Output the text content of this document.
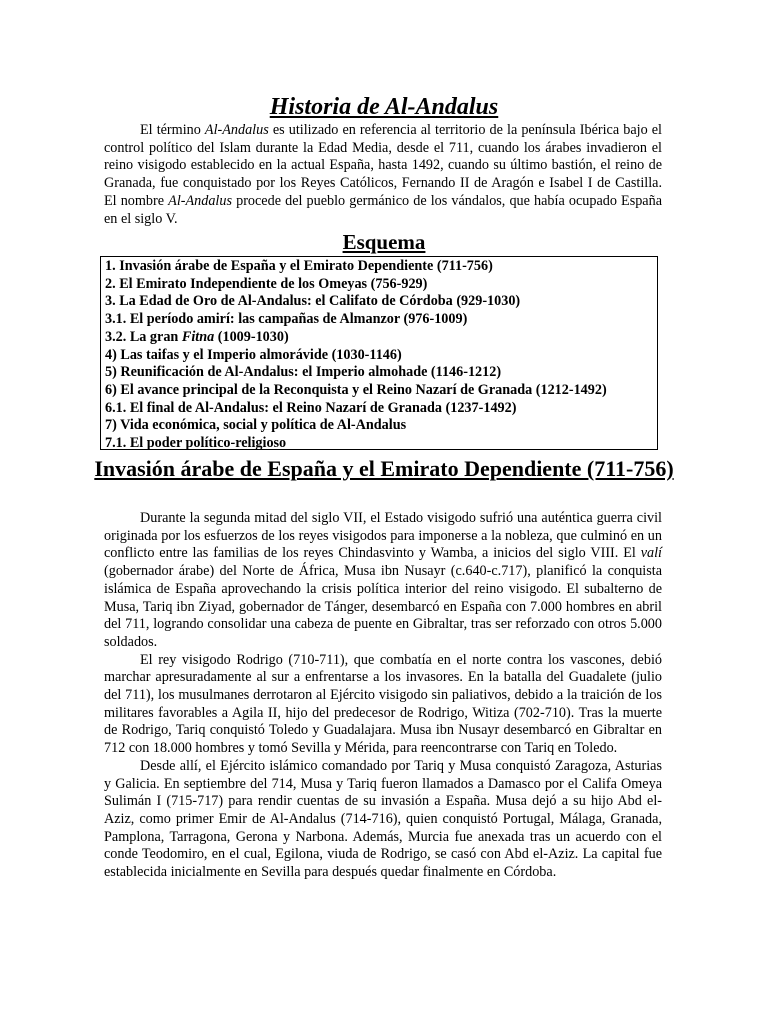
Historia de Al-Andalus
El término Al-Andalus es utilizado en referencia al territorio de la península Ibérica bajo el control político del Islam durante la Edad Media, desde el 711, cuando los árabes invadieron el reino visigodo establecido en la actual España, hasta 1492, cuando su último bastión, el reino de Granada, fue conquistado por los Reyes Católicos, Fernando II de Aragón e Isabel I de Castilla. El nombre Al-Andalus procede del pueblo germánico de los vándalos, que había ocupado España en el siglo V.
Esquema
1. Invasión árabe de España y el Emirato Dependiente (711-756)
2. El Emirato Independiente de los Omeyas (756-929)
3. La Edad de Oro de Al-Andalus: el Califato de Córdoba (929-1030)
3.1. El período amirí: las campañas de Almanzor (976-1009)
3.2. La gran Fitna (1009-1030)
4) Las taifas y el Imperio almorávide (1030-1146)
5) Reunificación de Al-Andalus: el Imperio almohade (1146-1212)
6) El avance principal de la Reconquista y el Reino Nazarí de Granada (1212-1492)
6.1. El final de Al-Andalus: el Reino Nazarí de Granada (1237-1492)
7) Vida económica, social y política de Al-Andalus
7.1. El poder político-religioso
Invasión árabe de España y el Emirato Dependiente (711-756)

Durante la segunda mitad del siglo VII, el Estado visigodo sufrió una auténtica guerra civil originada por los esfuerzos de los reyes visigodos para imponerse a la nobleza, que culminó en un conflicto entre las familias de los reyes Chindasvinto y Wamba, a inicios del siglo VIII. El valí (gobernador árabe) del Norte de África, Musa ibn Nusayr (c.640-c.717), planificó la conquista islámica de España aprovechando la crisis política interior del reino visigodo. El subalterno de Musa, Tariq ibn Ziyad, gobernador de Tánger, desembarcó en España con 7.000 hombres en abril del 711, logrando consolidar una cabeza de puente en Gibraltar, tras ser reforzado con otros 5.000 soldados.

El rey visigodo Rodrigo (710-711), que combatía en el norte contra los vascones, debió marchar apresuradamente al sur a enfrentarse a los invasores. En la batalla del Guadalete (julio del 711), los musulmanes derrotaron al Ejército visigodo sin paliativos, debido a la traición de los militares favorables a Agila II, hijo del predecesor de Rodrigo, Witiza (702-710). Tras la muerte de Rodrigo, Tariq conquistó Toledo y Guadalajara. Musa ibn Nusayr desembarcó en Gibraltar en 712 con 18.000 hombres y tomó Sevilla y Mérida, para reencontrarse con Tariq en Toledo.

Desde allí, el Ejército islámico comandado por Tariq y Musa conquistó Zaragoza, Asturias y Galicia. En septiembre del 714, Musa y Tariq fueron llamados a Damasco por el Califa Omeya Sulimán I (715-717) para rendir cuentas de su invasión a España. Musa dejó a su hijo Abd el-Aziz, como primer Emir de Al-Andalus (714-716), quien conquistó Portugal, Málaga, Granada, Pamplona, Tarragona, Gerona y Narbona. Además, Murcia fue anexada tras un acuerdo con el conde Teodomiro, en el cual, Egilona, viuda de Rodrigo, se casó con Abd el-Aziz. La capital fue establecida inicialmente en Sevilla para después quedar finalmente en Córdoba.
